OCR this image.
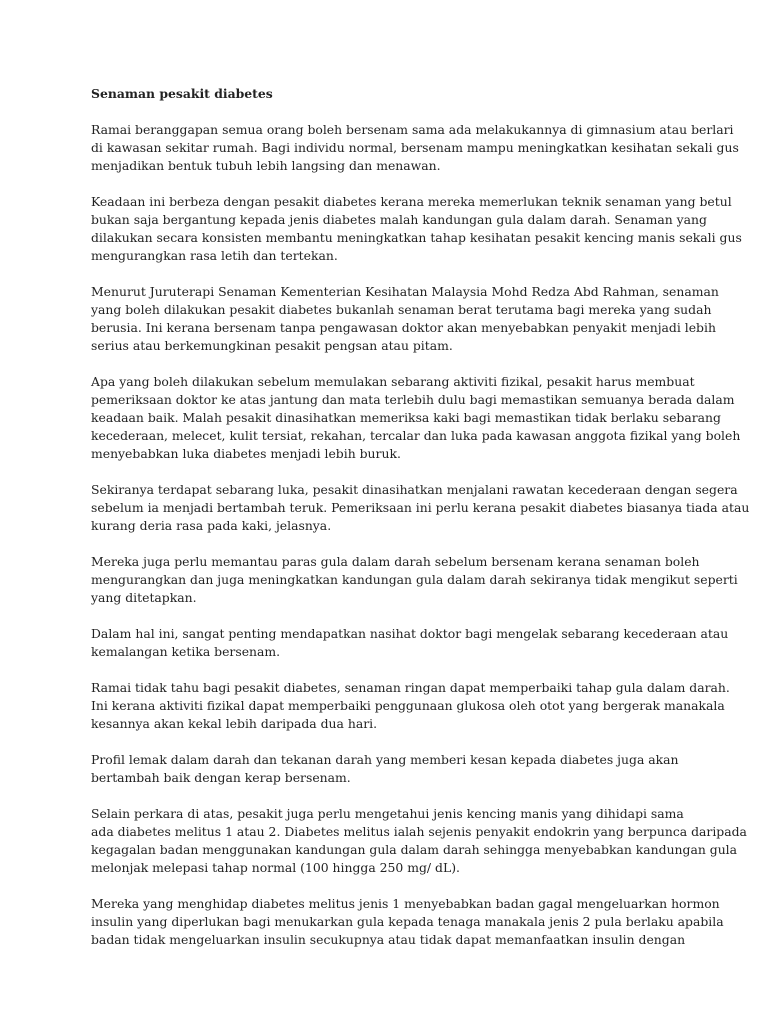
Senaman pesakit diabetes
Ramai beranggapan semua orang boleh bersenam sama ada melakukannya di gimnasium atau berlari
di kawasan sekitar rumah. Bagi individu normal, bersenam mampu meningkatkan kesihatan sekali gus
menjadikan bentuk tubuh lebih langsing dan menawan.
Keadaan ini berbeza dengan pesakit diabetes kerana mereka memerlukan teknik senaman yang betul
bukan saja bergantung kepada jenis diabetes malah kandungan gula dalam darah. Senaman yang
dilakukan secara konsisten membantu meningkatkan tahap kesihatan pesakit kencing manis sekali gus
mengurangkan rasa letih dan tertekan.
Menurut Juruterapi Senaman Kementerian Kesihatan Malaysia Mohd Redza Abd Rahman, senaman
yang boleh dilakukan pesakit diabetes bukanlah senaman berat terutama bagi mereka yang sudah
berusia. Ini kerana bersenam tanpa pengawasan doktor akan menyebabkan penyakit menjadi lebih
serius atau berkemungkinan pesakit pengsan atau pitam.
Apa yang boleh dilakukan sebelum memulakan sebarang aktiviti fizikal, pesakit harus membuat
pemeriksaan doktor ke atas jantung dan mata terlebih dulu bagi memastikan semuanya berada dalam
keadaan baik. Malah pesakit dinasihatkan memeriksa kaki bagi memastikan tidak berlaku sebarang
kecederaan, melecet, kulit tersiat, rekahan, tercalar dan luka pada kawasan anggota fizikal yang boleh
menyebabkan luka diabetes menjadi lebih buruk.
Sekiranya terdapat sebarang luka, pesakit dinasihatkan menjalani rawatan kecederaan dengan segera
sebelum ia menjadi bertambah teruk. Pemeriksaan ini perlu kerana pesakit diabetes biasanya tiada atau
kurang deria rasa pada kaki, jelasnya.
Mereka juga perlu memantau paras gula dalam darah sebelum bersenam kerana senaman boleh
mengurangkan dan juga meningkatkan kandungan gula dalam darah sekiranya tidak mengikut seperti
yang ditetapkan.
Dalam hal ini, sangat penting mendapatkan nasihat doktor bagi mengelak sebarang kecederaan atau
kemalangan ketika bersenam.
Ramai tidak tahu bagi pesakit diabetes, senaman ringan dapat memperbaiki tahap gula dalam darah.
Ini kerana aktiviti fizikal dapat memperbaiki penggunaan glukosa oleh otot yang bergerak manakala
kesannya akan kekal lebih daripada dua hari.
Profil lemak dalam darah dan tekanan darah yang memberi kesan kepada diabetes juga akan
bertambah baik dengan kerap bersenam.
Selain perkara di atas, pesakit juga perlu mengetahui jenis kencing manis yang dihidapi sama
ada diabetes melitus 1 atau 2. Diabetes melitus ialah sejenis penyakit endokrin yang berpunca daripada
kegagalan badan menggunakan kandungan gula dalam darah sehingga menyebabkan kandungan gula
melonjak melepasi tahap normal (100 hingga 250 mg/ dL).
Mereka yang menghidap diabetes melitus jenis 1 menyebabkan badan gagal mengeluarkan hormon
insulin yang diperlukan bagi menukarkan gula kepada tenaga manakala jenis 2 pula berlaku apabila
badan tidak mengeluarkan insulin secukupnya atau tidak dapat memanfaatkan insulin dengan
